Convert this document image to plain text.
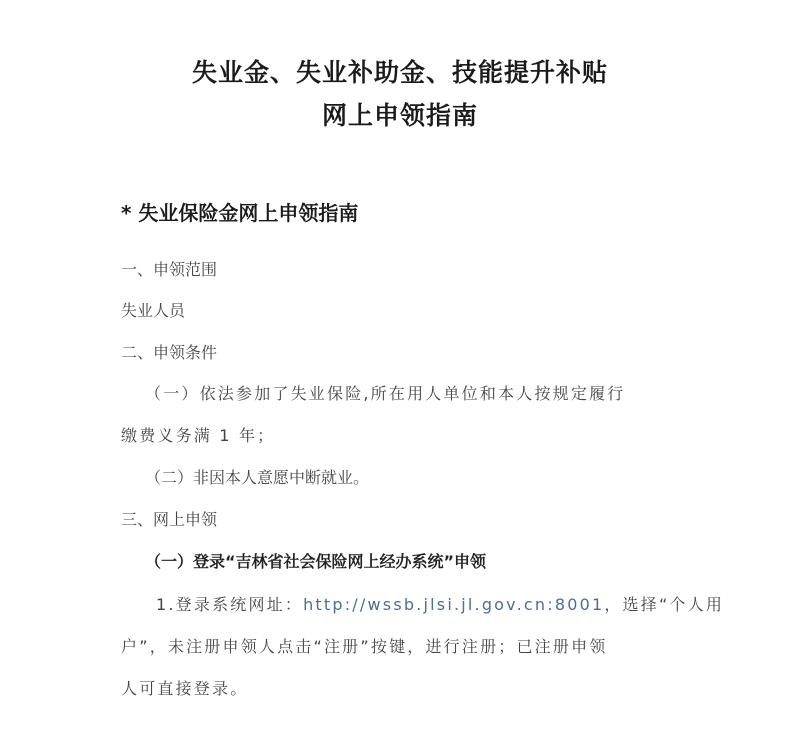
失业金、失业补助金、技能提升补贴
网上申领指南
* 失业保险金网上申领指南

一、申领范围

失业人员

二、申领条件

（一）依法参加了失业保险,所在用人单位和本人按规定履行

缴费义务满 1 年；

（二）非因本人意愿中断就业。

三、网上申领

（一）登录“吉林省社会保险网上经办系统”申领

1.登录系统网址：http://wssb.jlsi.jl.gov.cn:8001，选择“个人用

户”，未注册申领人点击“注册”按键，进行注册；已注册申领

人可直接登录。
